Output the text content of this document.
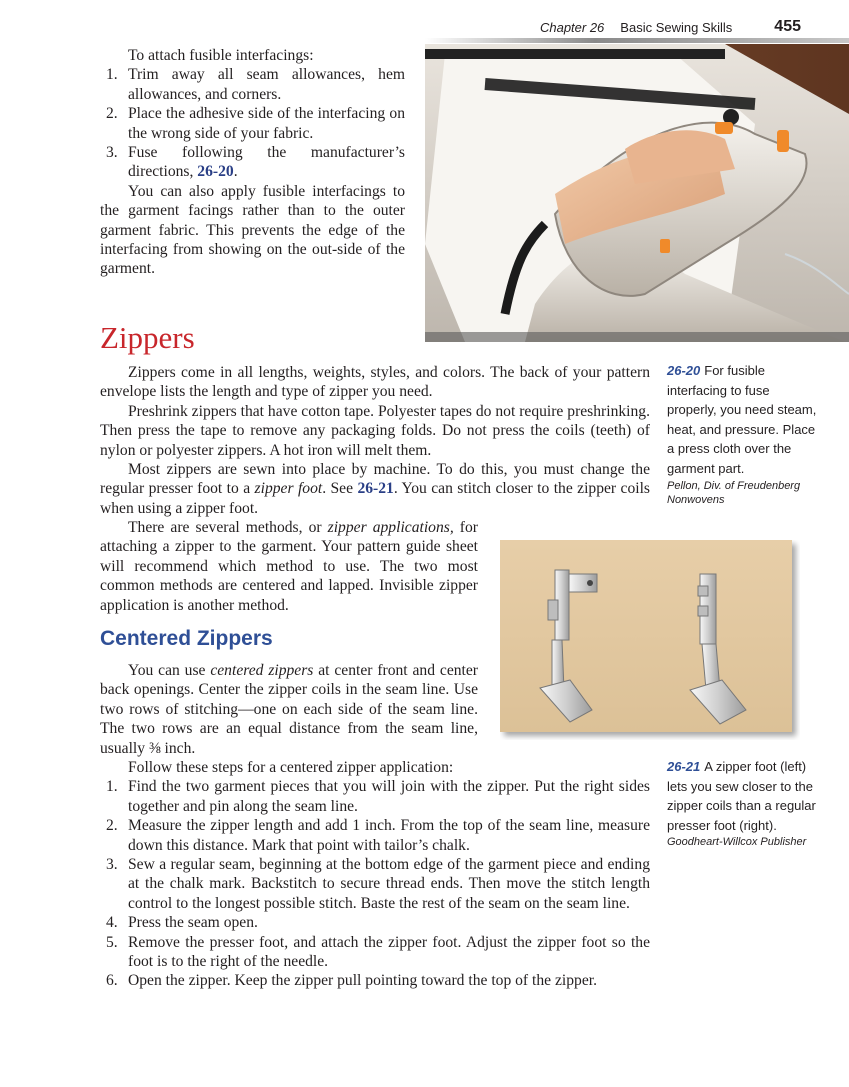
Chapter 26 Basic Sewing Skills	455

To attach fusible interfacings:

1. Trim away all seam allowances, hem allowances, and corners.
2. Place the adhesive side of the interfacing on the wrong side of your fabric.
3. Fuse following the manufacturer’s directions, 26-20.

You can also apply fusible interfacings to the garment facings rather than to the outer garment fabric. This prevents the edge of the interfacing from showing on the out-side of the garment.

Zippers

Zippers come in all lengths, weights, styles, and colors. The back of your pattern envelope lists the length and type of zipper you need.

Preshrink zippers that have cotton tape. Polyester tapes do not require preshrinking. Then press the tape to remove any packaging folds. Do not press the coils (teeth) of nylon or polyester zippers. A hot iron will melt them.

Most zippers are sewn into place by machine. To do this, you must change the regular presser foot to a zipper foot. See 26-21. You can stitch closer to the zipper coils when using a zipper foot.

There are several methods, or zipper applications, for attaching a zipper to the garment. Your pattern guide sheet will recommend which method to use. The two most common methods are centered and lapped. Invisible zipper application is another method.

Centered Zippers

You can use centered zippers at center front and center back openings. Center the zipper coils in the seam line. Use two rows of stitching—one on each side of the seam line. The two rows are an equal distance from the seam line, usually ⅜ inch.

Follow these steps for a centered zipper application:

1. Find the two garment pieces that you will join with the zipper. Put the right sides together and pin along the seam line.
2. Measure the zipper length and add 1 inch. From the top of the seam line, measure down this distance. Mark that point with tailor’s chalk.
3. Sew a regular seam, beginning at the bottom edge of the garment piece and ending at the chalk mark. Backstitch to secure thread ends. Then move the stitch length control to the longest possible stitch. Baste the rest of the seam on the seam line.
4. Press the seam open.
5. Remove the presser foot, and attach the zipper foot. Adjust the zipper foot so the foot is to the right of the needle.
6. Open the zipper. Keep the zipper pull pointing toward the top of the zipper.
26-20 For fusible interfacing to fuse properly, you need steam, heat, and pressure. Place a press cloth over the garment part.
Pellon, Div. of Freudenberg Nonwovens
26-21 A zipper foot (left) lets you sew closer to the zipper coils than a regular presser foot (right).
Goodheart-Willcox Publisher
